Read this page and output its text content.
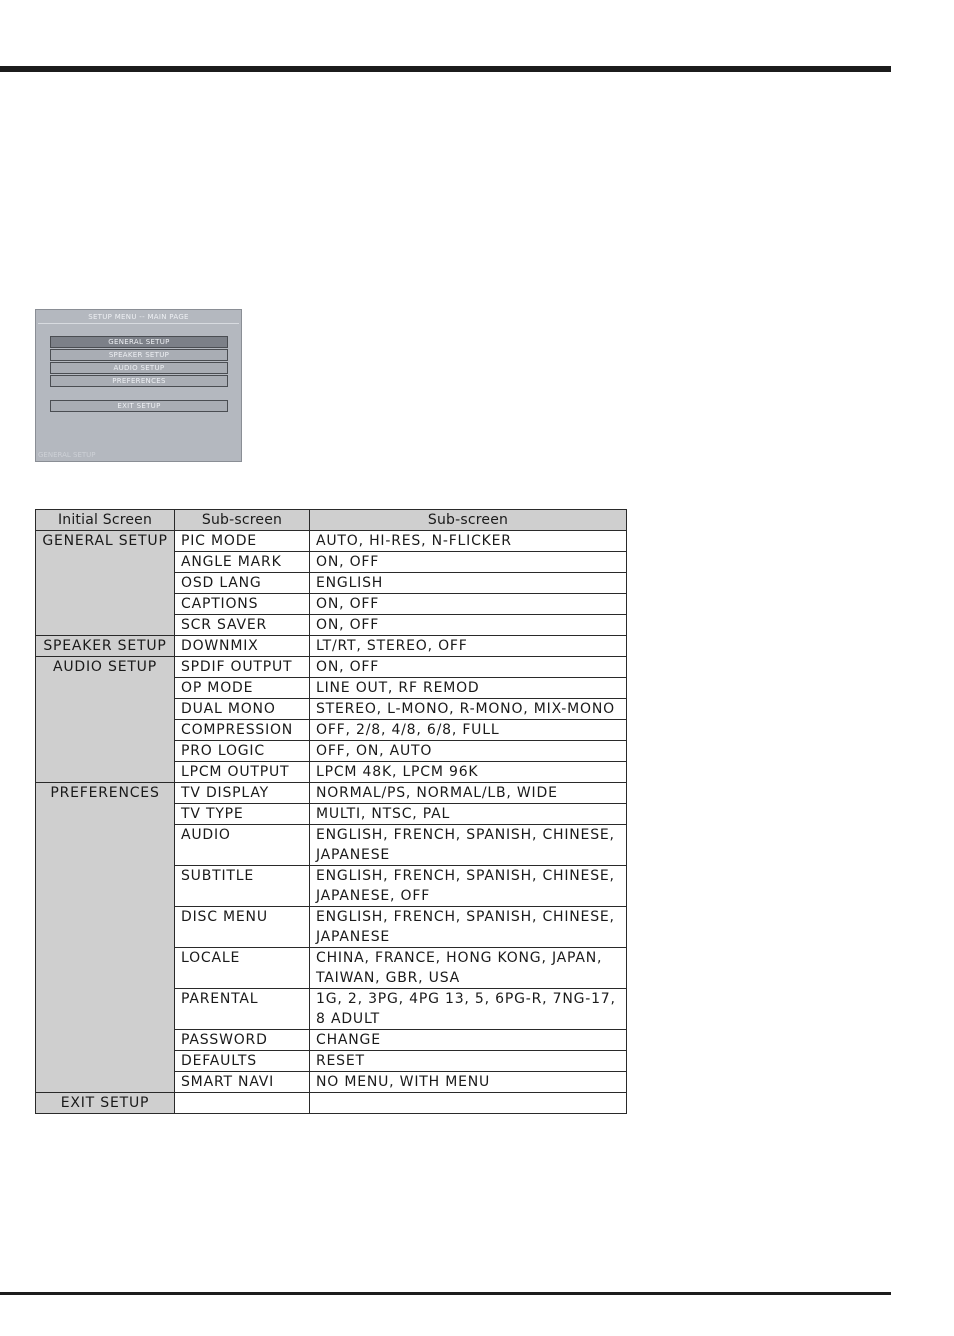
SETUP MENU -- MAIN PAGE
GENERAL SETUP
SPEAKER SETUP
AUDIO SETUP
PREFERENCES
EXIT SETUP
GENERAL SETUP
Initial Screen	Sub-screen	Sub-screen
GENERAL SETUP	PIC MODE	AUTO, HI-RES, N-FLICKER
	ANGLE MARK	ON, OFF
	OSD LANG	ENGLISH
	CAPTIONS	ON, OFF
	SCR SAVER	ON, OFF
SPEAKER SETUP	DOWNMIX	LT/RT, STEREO, OFF
AUDIO SETUP	SPDIF OUTPUT	ON, OFF
	OP MODE	LINE OUT, RF REMOD
	DUAL MONO	STEREO, L-MONO, R-MONO, MIX-MONO
	COMPRESSION	OFF, 2/8, 4/8, 6/8, FULL
	PRO LOGIC	OFF, ON, AUTO
	LPCM OUTPUT	LPCM 48K, LPCM 96K
PREFERENCES	TV DISPLAY	NORMAL/PS, NORMAL/LB, WIDE
	TV TYPE	MULTI, NTSC, PAL
	AUDIO	ENGLISH, FRENCH, SPANISH, CHINESE, JAPANESE
	SUBTITLE	ENGLISH, FRENCH, SPANISH, CHINESE, JAPANESE, OFF
	DISC MENU	ENGLISH, FRENCH, SPANISH, CHINESE, JAPANESE
	LOCALE	CHINA, FRANCE, HONG KONG, JAPAN, TAIWAN, GBR, USA
	PARENTAL	1G, 2, 3PG, 4PG 13, 5, 6PG-R, 7NG-17, 8 ADULT
	PASSWORD	CHANGE
	DEFAULTS	RESET
	SMART NAVI	NO MENU, WITH MENU
EXIT SETUP		
